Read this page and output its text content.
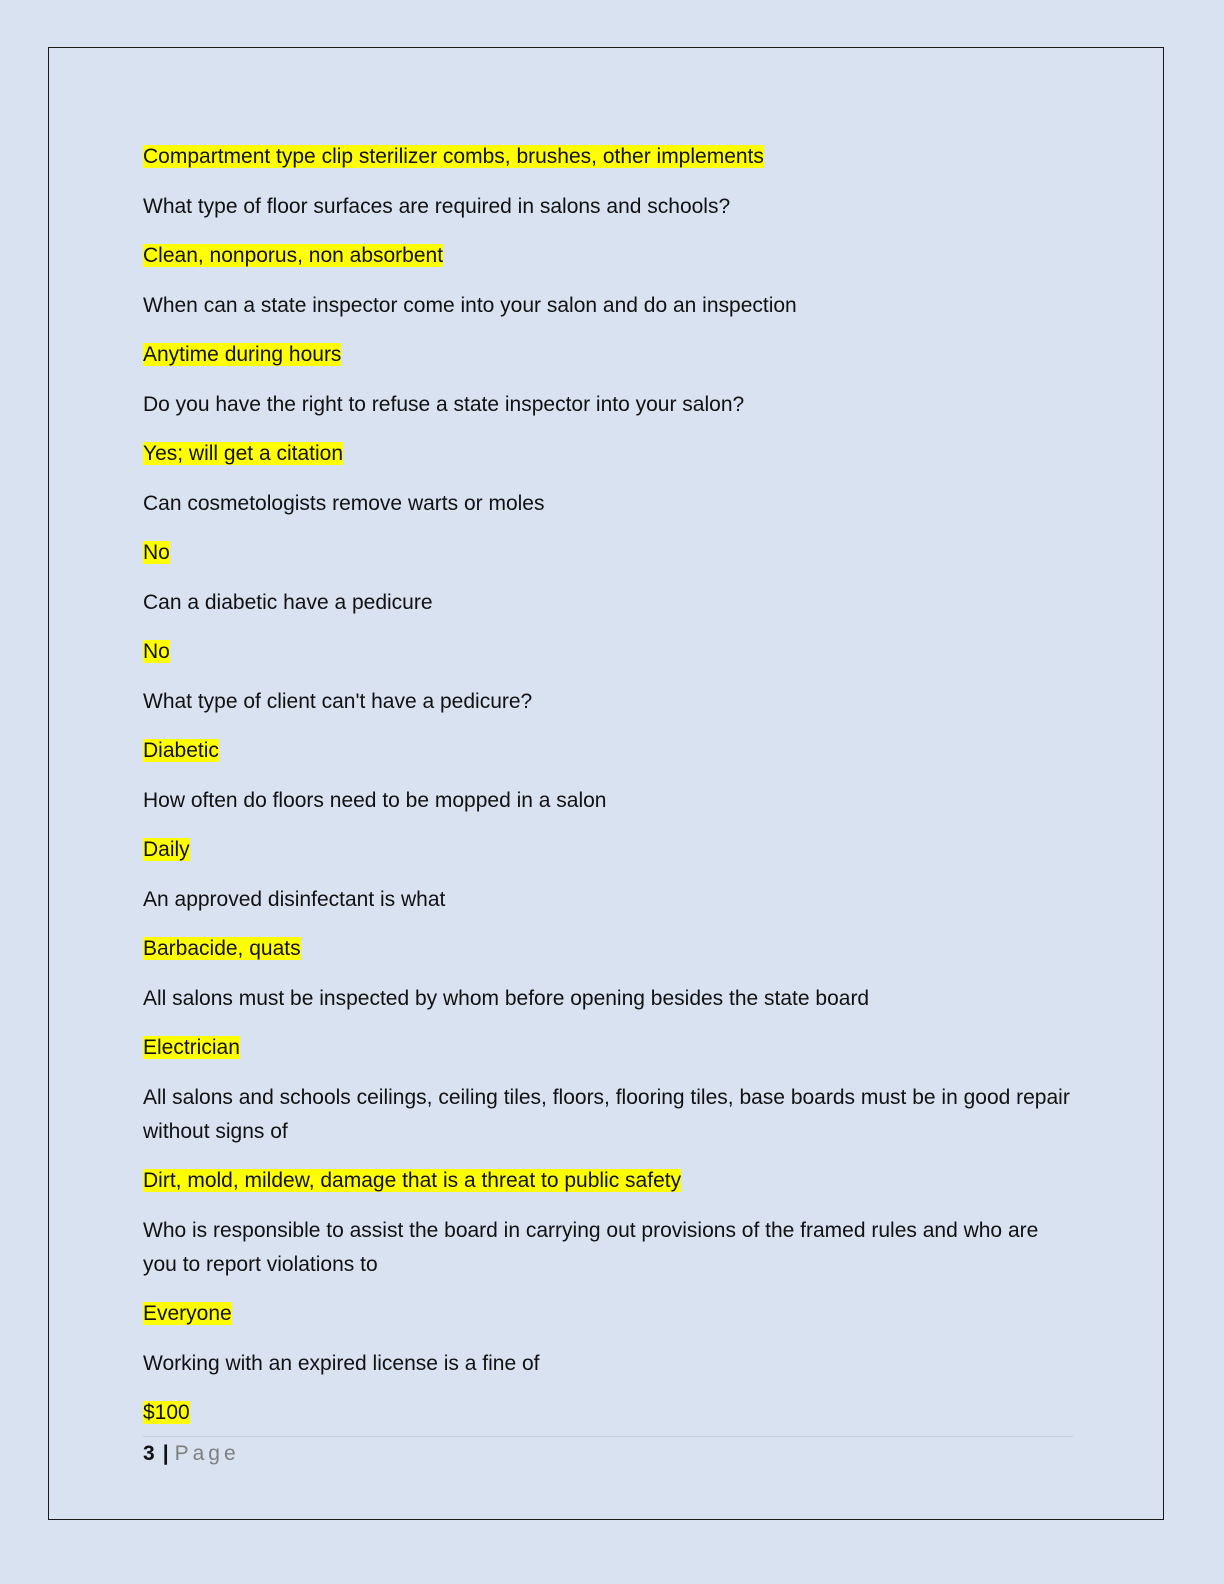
Compartment type clip sterilizer combs, brushes, other implements
What type of floor surfaces are required in salons and schools?
Clean, nonporus, non absorbent
When can a state inspector come into your salon and do an inspection
Anytime during hours
Do you have the right to refuse a state inspector into your salon?
Yes; will get a citation
Can cosmetologists remove warts or moles
No
Can a diabetic have a pedicure
No
What type of client can't have a pedicure?
Diabetic
How often do floors need to be mopped in a salon
Daily
An approved disinfectant is what
Barbacide, quats
All salons must be inspected by whom before opening besides the state board
Electrician
All salons and schools ceilings, ceiling tiles, floors, flooring tiles, base boards must be in good repair without signs of
Dirt, mold, mildew, damage that is a threat to public safety
Who is responsible to assist the board in carrying out provisions of the framed rules and who are you to report violations to
Everyone
Working with an expired license is a fine of
$100
3 | Page
